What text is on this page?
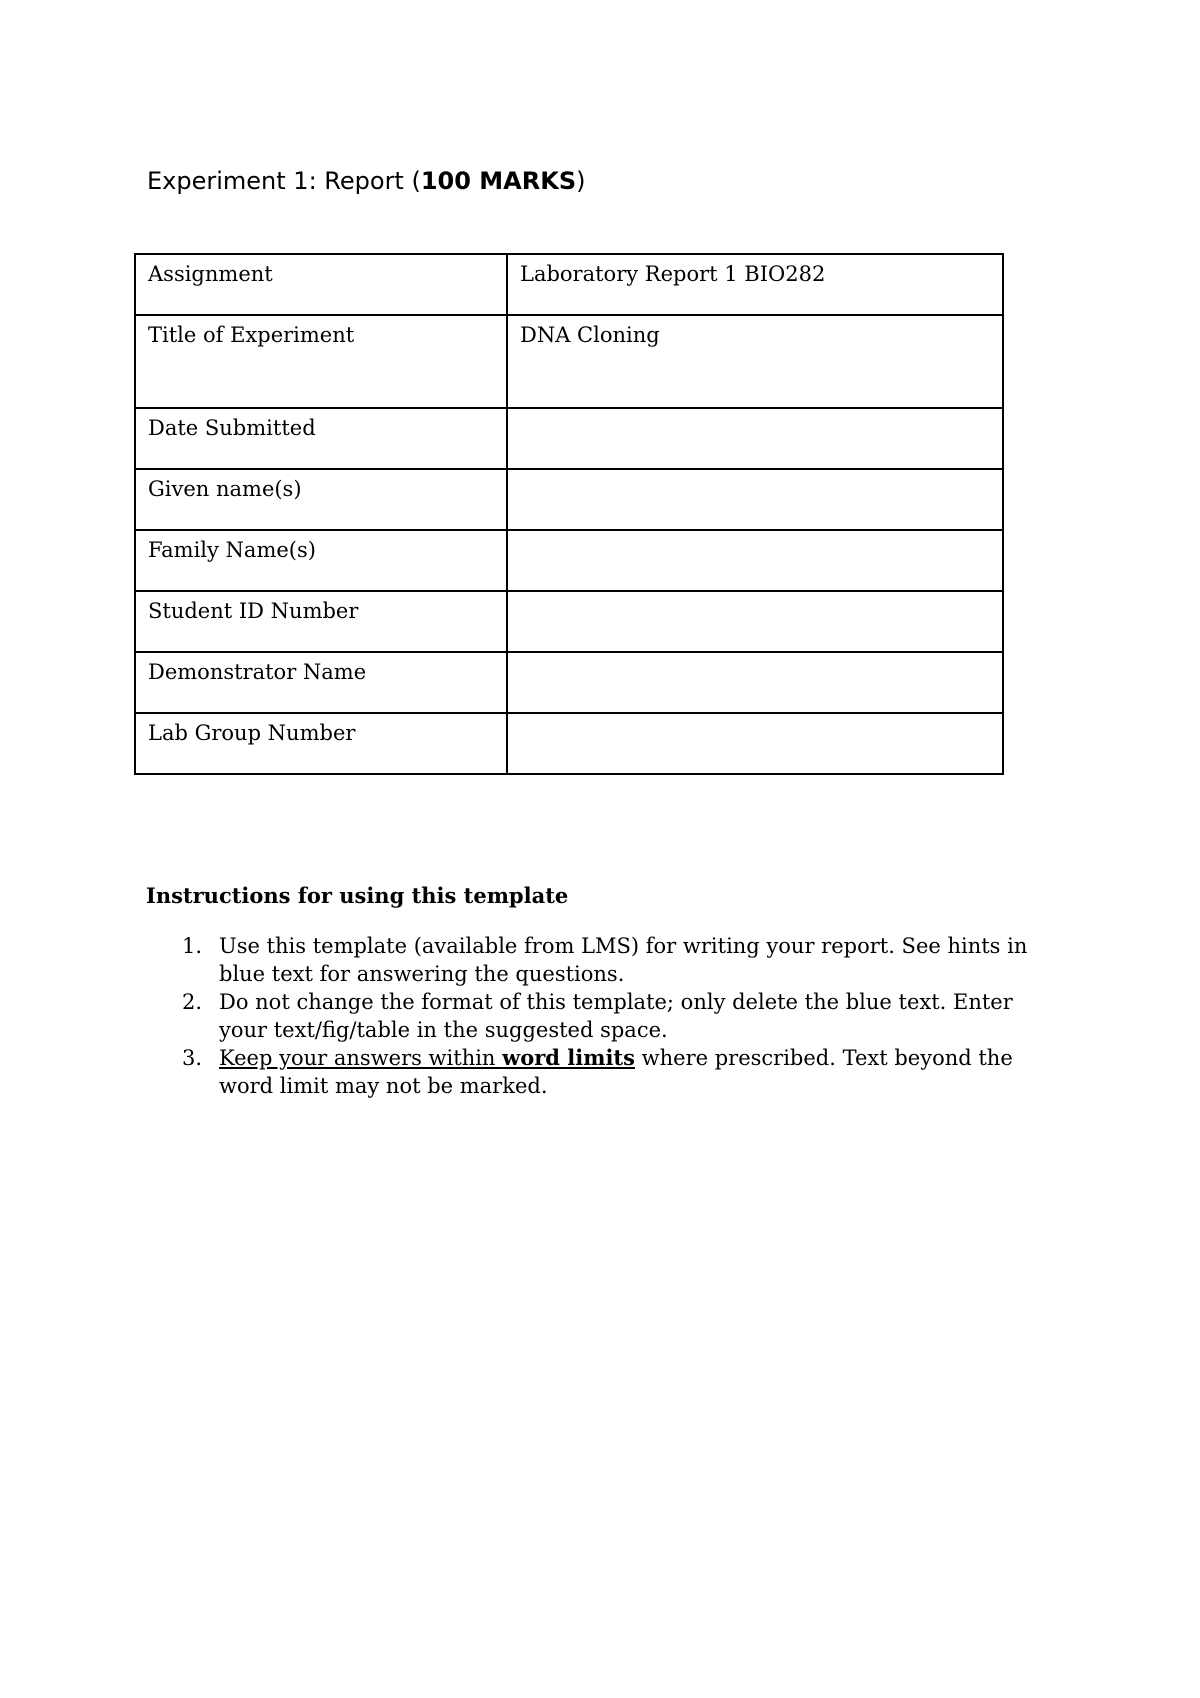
Experiment 1: Report (100 MARKS)
Assignment	Laboratory Report 1 BIO282
Title of Experiment	DNA Cloning
Date Submitted	
Given name(s)	
Family Name(s)	
Student ID Number	
Demonstrator Name	
Lab Group Number	
Instructions for using this template
1. Use this template (available from LMS) for writing your report. See hints in blue text for answering the questions.
2. Do not change the format of this template; only delete the blue text. Enter your text/fig/table in the suggested space.
3. Keep your answers within word limits where prescribed. Text beyond the word limit may not be marked.
